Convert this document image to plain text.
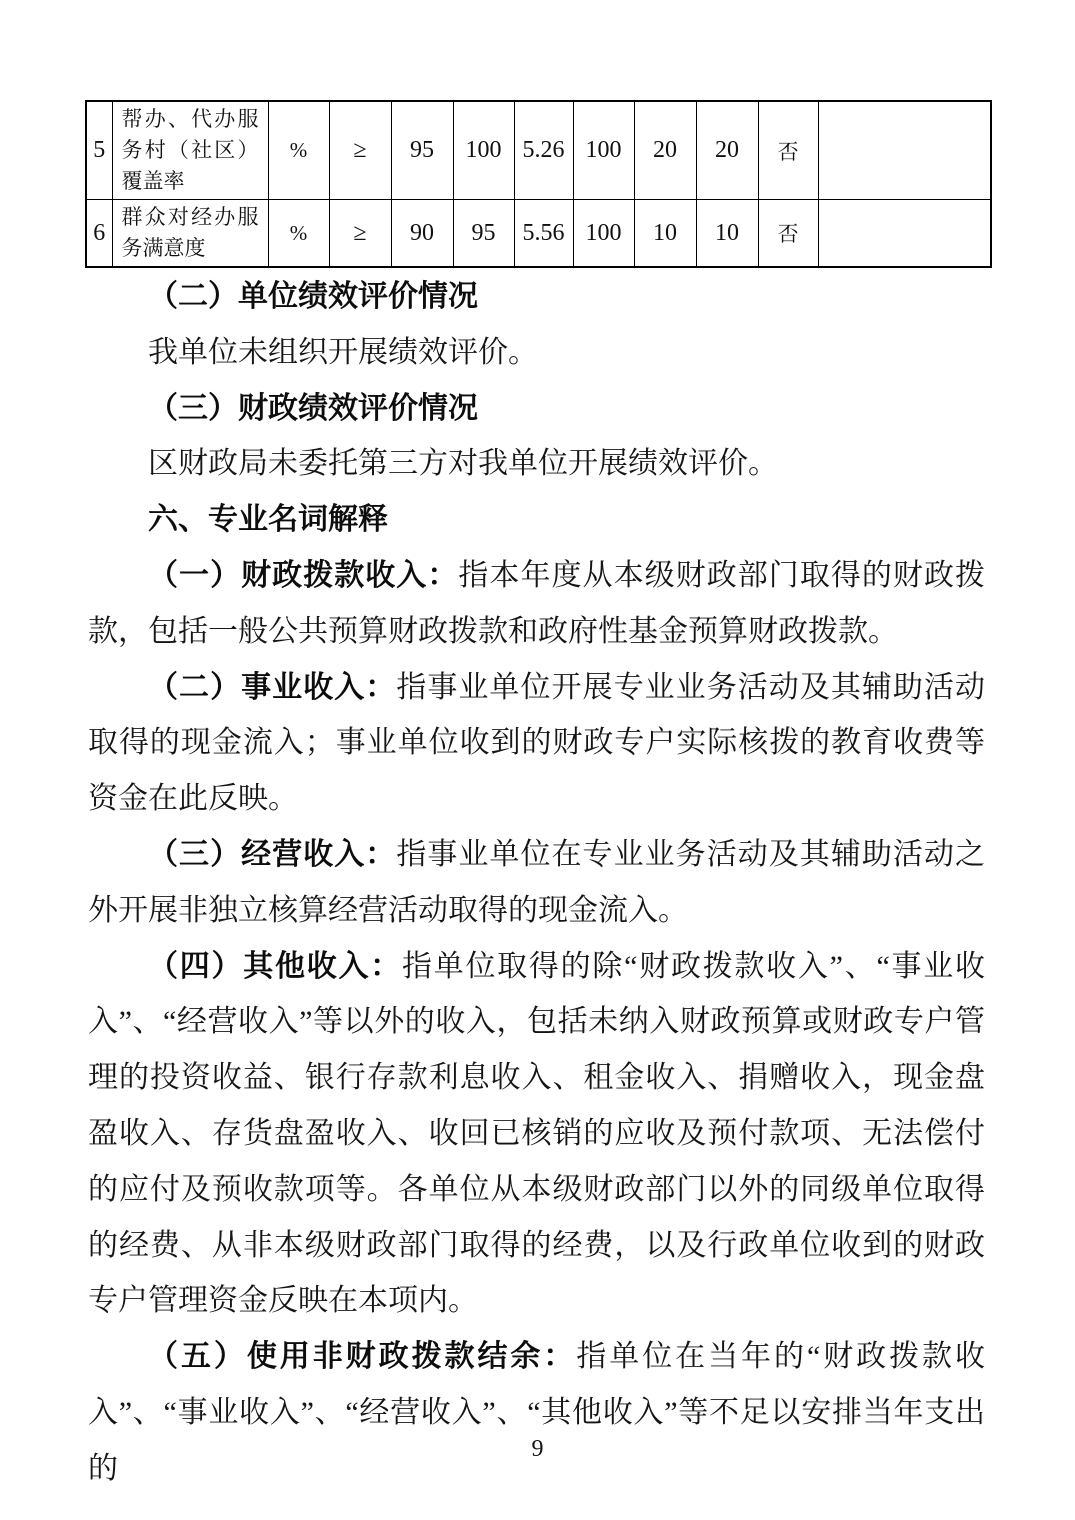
5	帮办、代办服务村（社区）覆盖率	%	≥	95	100	5.26	100	20	20	否	
6	群众对经办服务满意度	%	≥	90	95	5.56	100	10	10	否	

（二）单位绩效评价情况

我单位未组织开展绩效评价。

（三）财政绩效评价情况

区财政局未委托第三方对我单位开展绩效评价。

六、专业名词解释

（一）财政拨款收入：指本年度从本级财政部门取得的财政拨款，包括一般公共预算财政拨款和政府性基金预算财政拨款。

（二）事业收入：指事业单位开展专业业务活动及其辅助活动取得的现金流入；事业单位收到的财政专户实际核拨的教育收费等资金在此反映。

（三）经营收入：指事业单位在专业业务活动及其辅助活动之外开展非独立核算经营活动取得的现金流入。

（四）其他收入：指单位取得的除“财政拨款收入”、“事业收入”、“经营收入”等以外的收入，包括未纳入财政预算或财政专户管理的投资收益、银行存款利息收入、租金收入、捐赠收入，现金盘盈收入、存货盘盈收入、收回已核销的应收及预付款项、无法偿付的应付及预收款项等。各单位从本级财政部门以外的同级单位取得的经费、从非本级财政部门取得的经费，以及行政单位收到的财政专户管理资金反映在本项内。

（五）使用非财政拨款结余：指单位在当年的“财政拨款收入”、“事业收入”、“经营收入”、“其他收入”等不足以安排当年支出的

9
